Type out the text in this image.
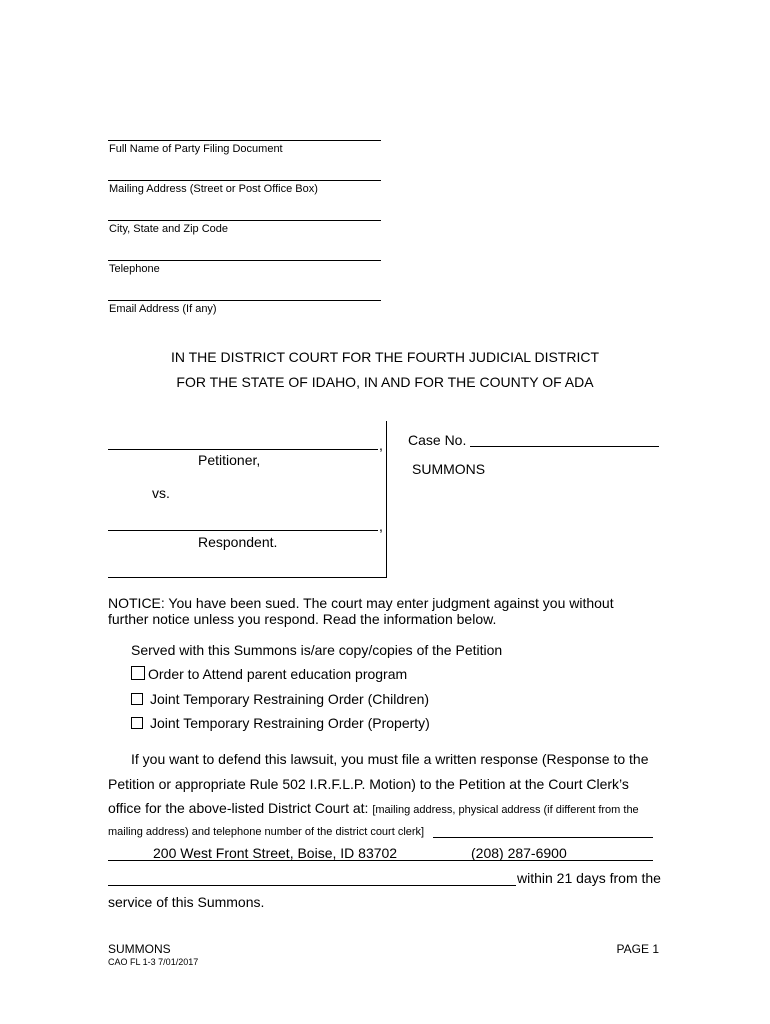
Full Name of Party Filing Document
Mailing Address (Street or Post Office Box)
City, State and Zip Code
Telephone
Email Address (If any)
IN THE DISTRICT COURT FOR THE FOURTH JUDICIAL DISTRICT
FOR THE STATE OF IDAHO, IN AND FOR THE COUNTY OF ADA
,
Petitioner,
vs.
,
Respondent.
Case No.
SUMMONS
NOTICE: You have been sued. The court may enter judgment against you without
further notice unless you respond. Read the information below.
Served with this Summons is/are copy/copies of the Petition
Order to Attend parent education program
Joint Temporary Restraining Order (Children)
Joint Temporary Restraining Order (Property)
If you want to defend this lawsuit, you must file a written response (Response to the
Petition or appropriate Rule 502 I.R.F.L.P. Motion) to the Petition at the Court Clerk’s
office for the above-listed District Court at: [mailing address, physical address (if different from the
mailing address) and telephone number of the district court clerk]
200 West Front Street, Boise, ID 83702	(208) 287-6900
within 21 days from the
service of this Summons.
SUMMONS
CAO FL 1-3 7/01/2017
PAGE 1
